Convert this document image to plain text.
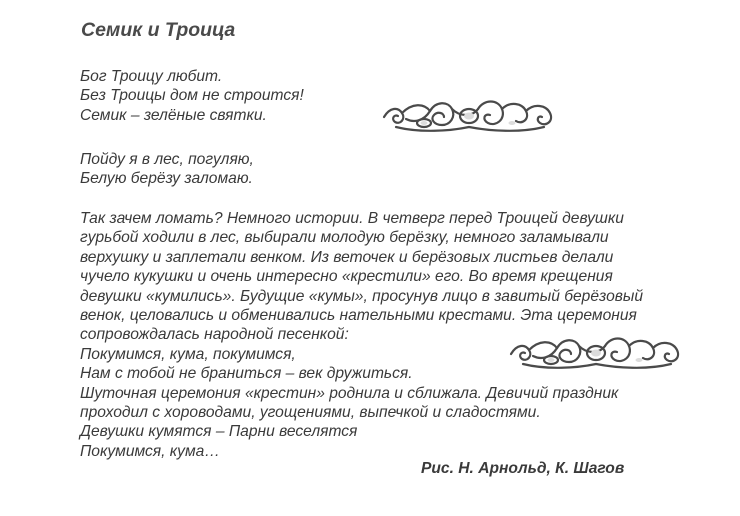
Семик и Троица
Бог Троицу любит.
Без Троицы дом не строится!
Семик – зелёные святки.
Пойду я в лес, погуляю,
Белую берёзу заломаю.
Так зачем ломать? Немного истории. В четверг перед Троицей девушки
гурьбой ходили в лес, выбирали молодую берёзку, немного заламывали
верхушку и заплетали венком. Из веточек и берёзовых листьев делали
чучело кукушки и очень интересно «крестили» его. Во время крещения
девушки «кумились». Будущие «кумы», просунув лицо в завитый берёзовый
венок, целовались и обменивались нательными крестами. Эта церемония
сопровождалась народной песенкой:
Покумимся, кума, покумимся,
Нам с тобой не браниться – век дружиться.
Шуточная церемония «крестин» роднила и сближала. Девичий праздник
проходил с хороводами, угощениями, выпечкой и сладостями.
Девушки кумятся – Парни веселятся
Покумимся, кума…
Рис. Н. Арнольд, К. Шагов
